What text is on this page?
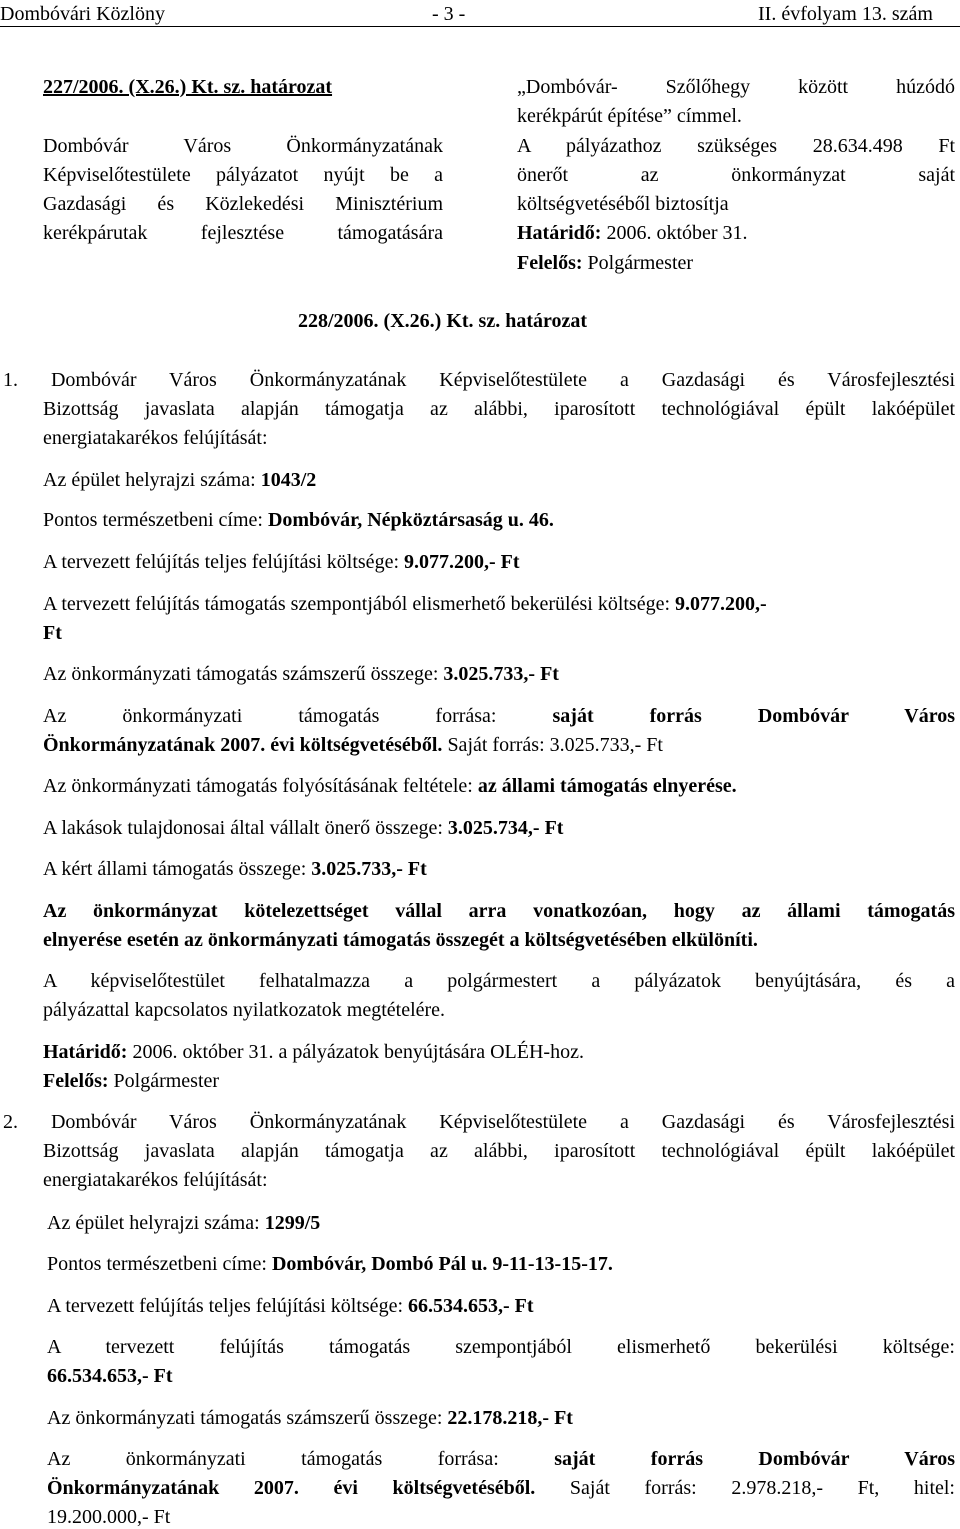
Dombóvári Közlöny	- 3 -	II. évfolyam 13. szám
227/2006. (X.26.) Kt. sz. határozat
Dombóvár Város Önkormányzatának
Képviselőtestülete pályázatot nyújt be a
Gazdasági és Közlekedési Minisztérium
kerékpárutak fejlesztése támogatására
„Dombóvár- Szőlőhegy között húzódó
kerékpárút építése” címmel.
A pályázathoz szükséges 28.634.498 Ft
önerőt az önkormányzat saját
költségvetéséből biztosítja
Határidő: 2006. október 31.
Felelős: Polgármester
228/2006. (X.26.) Kt. sz. határozat
1. Dombóvár Város Önkormányzatának Képviselőtestülete a Gazdasági és Városfejlesztési
Bizottság javaslata alapján támogatja az alábbi, iparosított technológiával épült lakóépület
energiatakarékos felújítását:
Az épület helyrajzi száma: 1043/2
Pontos természetbeni címe: Dombóvár, Népköztársaság u. 46.
A tervezett felújítás teljes felújítási költsége: 9.077.200,- Ft
A tervezett felújítás támogatás szempontjából elismerhető bekerülési költsége: 9.077.200,-
Ft
Az önkormányzati támogatás számszerű összege: 3.025.733,- Ft
Az önkormányzati támogatás forrása:	saját forrás Dombóvár Város
Önkormányzatának 2007. évi költségvetéséből. Saját forrás: 3.025.733,- Ft
Az önkormányzati támogatás folyósításának feltétele: az állami támogatás elnyerése.
A lakások tulajdonosai által vállalt önerő összege: 3.025.734,- Ft
A kért állami támogatás összege: 3.025.733,- Ft
Az önkormányzat kötelezettséget vállal arra vonatkozóan, hogy az állami támogatás
elnyerése esetén az önkormányzati támogatás összegét a költségvetésében elkülöníti.
A képviselőtestület felhatalmazza a polgármestert a pályázatok benyújtására, és a
pályázattal kapcsolatos nyilatkozatok megtételére.
Határidő: 2006. október 31. a pályázatok benyújtására OLÉH-hoz.
Felelős: Polgármester
2. Dombóvár Város Önkormányzatának Képviselőtestülete a Gazdasági és Városfejlesztési
Bizottság javaslata alapján támogatja az alábbi, iparosított technológiával épült lakóépület
energiatakarékos felújítását:
Az épület helyrajzi száma: 1299/5
Pontos természetbeni címe: Dombóvár, Dombó Pál u. 9-11-13-15-17.
A tervezett felújítás teljes felújítási költsége: 66.534.653,- Ft
A tervezett felújítás támogatás szempontjából elismerhető bekerülési költsége:
66.534.653,- Ft
Az önkormányzati támogatás számszerű összege: 22.178.218,- Ft
Az önkormányzati támogatás forrása:	saját forrás Dombóvár Város
Önkormányzatának 2007. évi költségvetéséből. Saját forrás: 2.978.218,- Ft, hitel:
19.200.000,- Ft
